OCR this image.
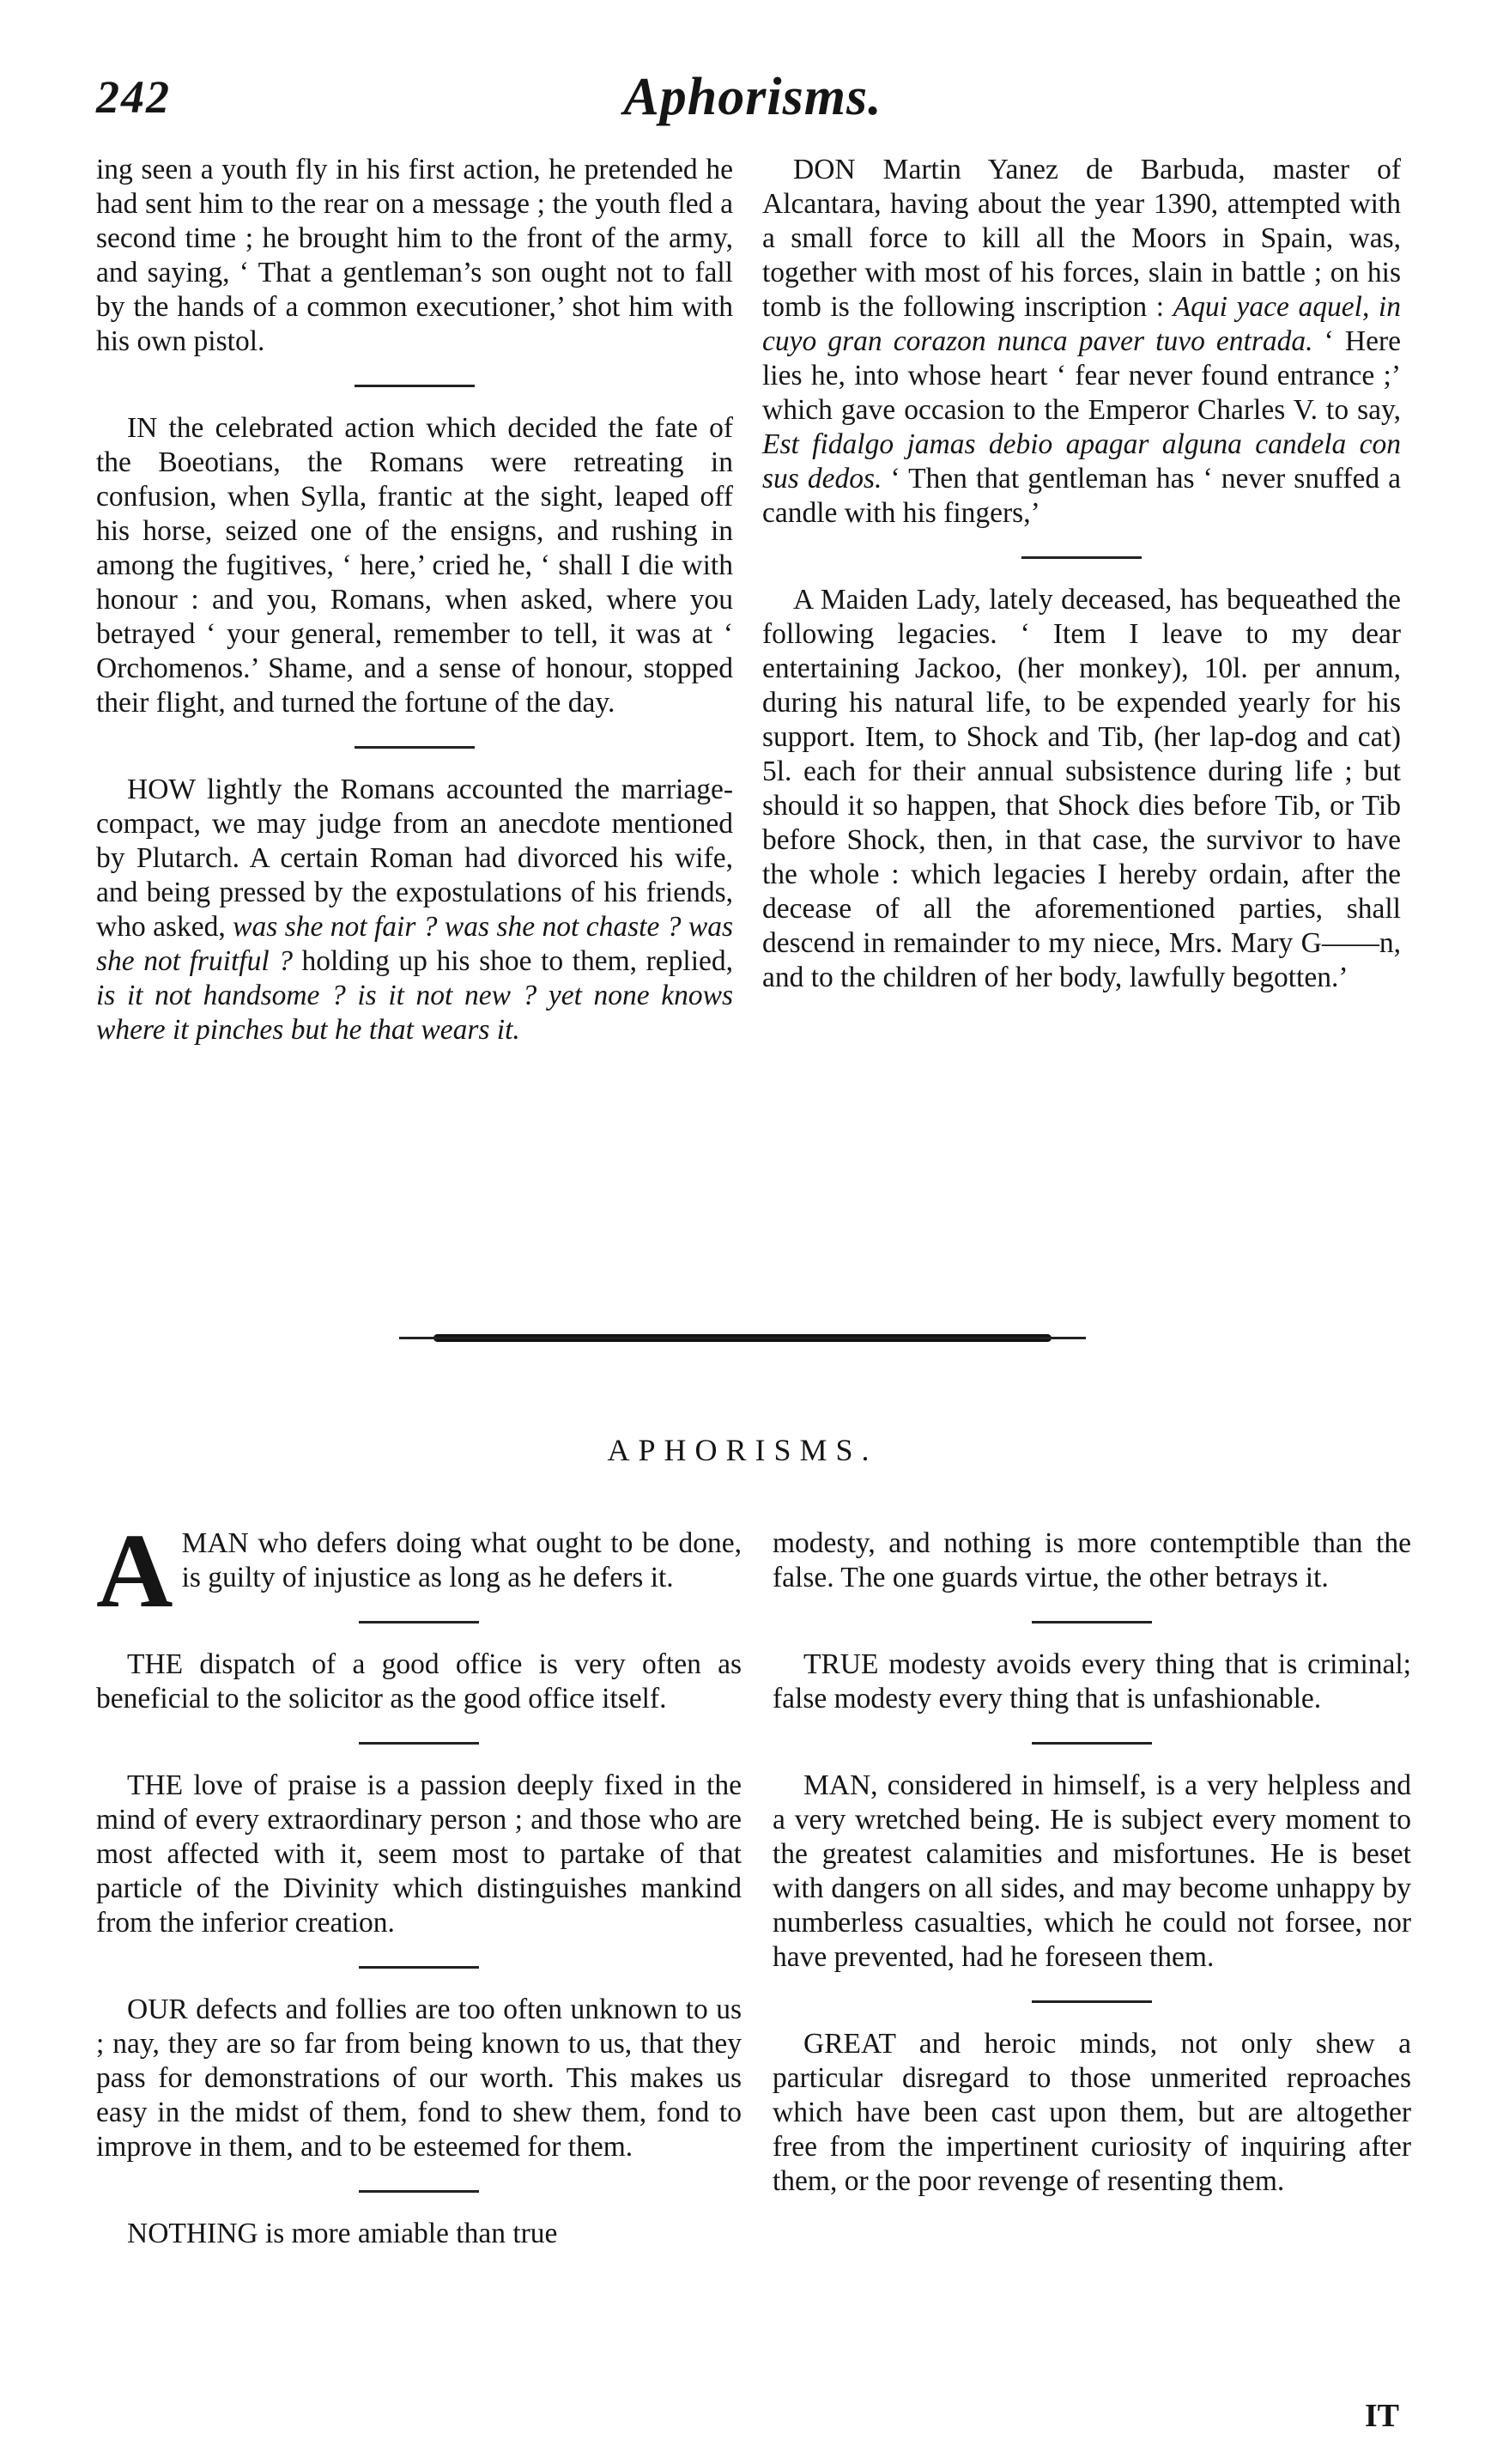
242	Aphorisms.

ing seen a youth fly in his first action, he pretended he had sent him to the rear on a message ; the youth fled a second time ; he brought him to the front of the army, and saying, ‘ That a gentleman’s son ought not to fall by the hands of a common executioner,’ shot him with his own pistol.

IN the celebrated action which decided the fate of the Boeotians, the Romans were retreating in confusion, when Sylla, frantic at the sight, leaped off his horse, seized one of the ensigns, and rushing in among the fugitives, ‘ here,’ cried he, ‘ shall I die with honour : and you, Romans, when asked, where you betrayed ‘ your general, remember to tell, it was at ‘ Orchomenos.’ Shame, and a sense of honour, stopped their flight, and turned the fortune of the day.

HOW lightly the Romans accounted the marriage-compact, we may judge from an anecdote mentioned by Plutarch. A certain Roman had divorced his wife, and being pressed by the expostulations of his friends, who asked, was she not fair ? was she not chaste ? was she not fruitful ? holding up his shoe to them, replied, is it not handsome ? is it not new ? yet none knows where it pinches but he that wears it.

DON Martin Yanez de Barbuda, master of Alcantara, having about the year 1390, attempted with a small force to kill all the Moors in Spain, was, together with most of his forces, slain in battle ; on his tomb is the following inscription : Aqui yace aquel, in cuyo gran corazon nunca paver tuvo entrada. ‘ Here lies he, into whose heart ‘ fear never found entrance ;’ which gave occasion to the Emperor Charles V. to say, Est fidalgo jamas debio apagar alguna candela con sus dedos. ‘ Then that gentleman has ‘ never snuffed a candle with his fingers,’

A Maiden Lady, lately deceased, has bequeathed the following legacies. ‘ Item I leave to my dear entertaining Jackoo, (her monkey), 10l. per annum, during his natural life, to be expended yearly for his support. Item, to Shock and Tib, (her lap-dog and cat) 5l. each for their annual subsistence during life ; but should it so happen, that Shock dies before Tib, or Tib before Shock, then, in that case, the survivor to have the whole : which legacies I hereby ordain, after the decease of all the aforementioned parties, shall descend in remainder to my niece, Mrs. Mary G——n, and to the children of her body, lawfully begotten.’

APHORISMS.

AMAN who defers doing what ought to be done, is guilty of injustice as long as he defers it.

THE dispatch of a good office is very often as beneficial to the solicitor as the good office itself.

THE love of praise is a passion deeply fixed in the mind of every extraordinary person ; and those who are most affected with it, seem most to partake of that particle of the Divinity which distinguishes mankind from the inferior creation.

OUR defects and follies are too often unknown to us ; nay, they are so far from being known to us, that they pass for demonstrations of our worth. This makes us easy in the midst of them, fond to shew them, fond to improve in them, and to be esteemed for them.

NOTHING is more amiable than true

modesty, and nothing is more contemptible than the false. The one guards virtue, the other betrays it.

TRUE modesty avoids every thing that is criminal; false modesty every thing that is unfashionable.

MAN, considered in himself, is a very helpless and a very wretched being. He is subject every moment to the greatest calamities and misfortunes. He is beset with dangers on all sides, and may become unhappy by numberless casualties, which he could not forsee, nor have prevented, had he foreseen them.

GREAT and heroic minds, not only shew a particular disregard to those unmerited reproaches which have been cast upon them, but are altogether free from the impertinent curiosity of inquiring after them, or the poor revenge of resenting them.

IT
